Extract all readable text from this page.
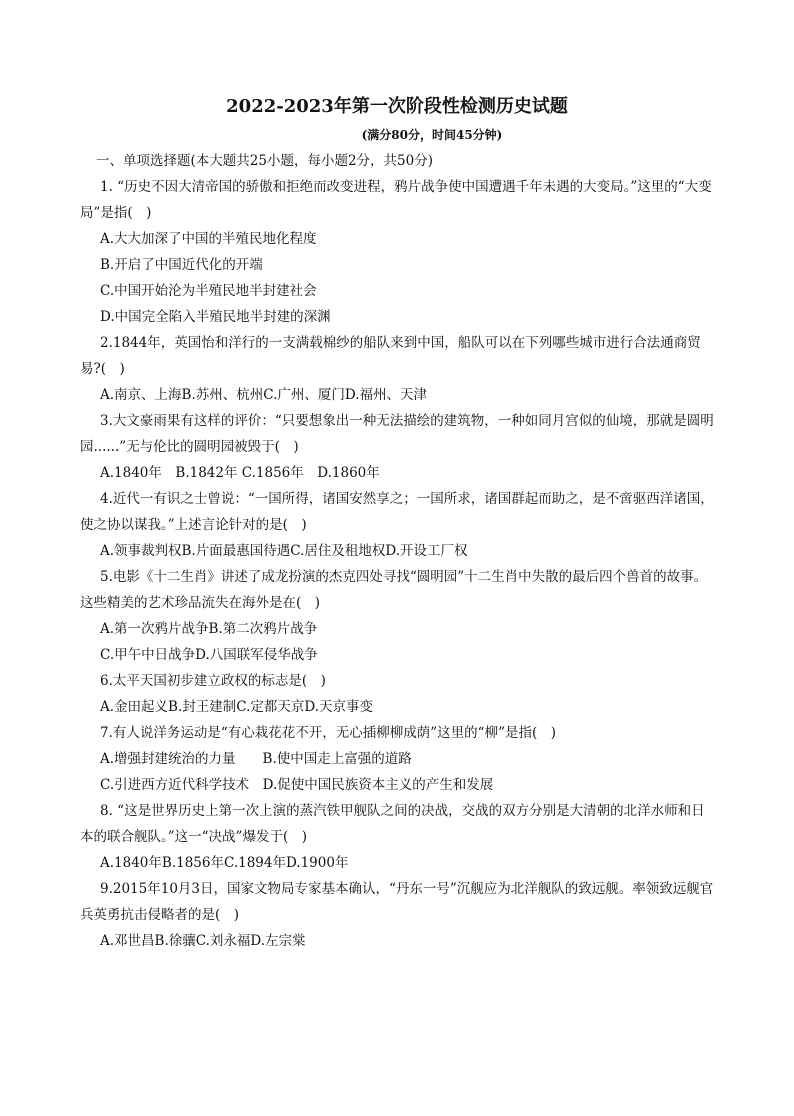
2022-2023年第一次阶段性检测历史试题

(满分80分，时间45分钟)

一、单项选择题(本大题共25小题，每小题2分，共50分)

1. “历史不因大清帝国的骄傲和拒绝而改变进程，鸦片战争使中国遭遇千年未遇的大变局。”这里的“大变局”是指(　)

A.大大加深了中国的半殖民地化程度

B.开启了中国近代化的开端

C.中国开始沦为半殖民地半封建社会

D.中国完全陷入半殖民地半封建的深渊

2.1844年，英国怡和洋行的一支满载棉纱的船队来到中国，船队可以在下列哪些城市进行合法通商贸易?(　)

A.南京、上海B.苏州、杭州C.广州、厦门D.福州、天津

3.大文豪雨果有这样的评价：“只要想象出一种无法描绘的建筑物，一种如同月宫似的仙境，那就是圆明园......”无与伦比的圆明园被毁于(　)

A.1840年　B.1842年 C.1856年　D.1860年

4.近代一有识之士曾说：“一国所得，诸国安然享之；一国所求，诸国群起而助之，是不啻驱西洋诸国，使之协以谋我。”上述言论针对的是(　)

A.领事裁判权B.片面最惠国待遇C.居住及租地权D.开设工厂权

5.电影《十二生肖》讲述了成龙扮演的杰克四处寻找“圆明园”十二生肖中失散的最后四个兽首的故事。这些精美的艺术珍品流失在海外是在(　)

A.第一次鸦片战争B.第二次鸦片战争

C.甲午中日战争D.八国联军侵华战争

6.太平天国初步建立政权的标志是(　)

A.金田起义B.封王建制C.定都天京D.天京事变

7.有人说洋务运动是“有心栽花花不开，无心插柳柳成荫”这里的“柳”是指(　)

A.增强封建统治的力量　　B.使中国走上富强的道路

C.引进西方近代科学技术　D.促使中国民族资本主义的产生和发展

8. “这是世界历史上第一次上演的蒸汽铁甲舰队之间的决战，交战的双方分别是大清朝的北洋水师和日本的联合舰队。”这一“决战”爆发于(　)

A.1840年B.1856年C.1894年D.1900年

9.2015年10月3日，国家文物局专家基本确认，“丹东一号”沉舰应为北洋舰队的致远舰。率领致远舰官兵英勇抗击侵略者的是(　)

A.邓世昌B.徐骧C.刘永福D.左宗棠
